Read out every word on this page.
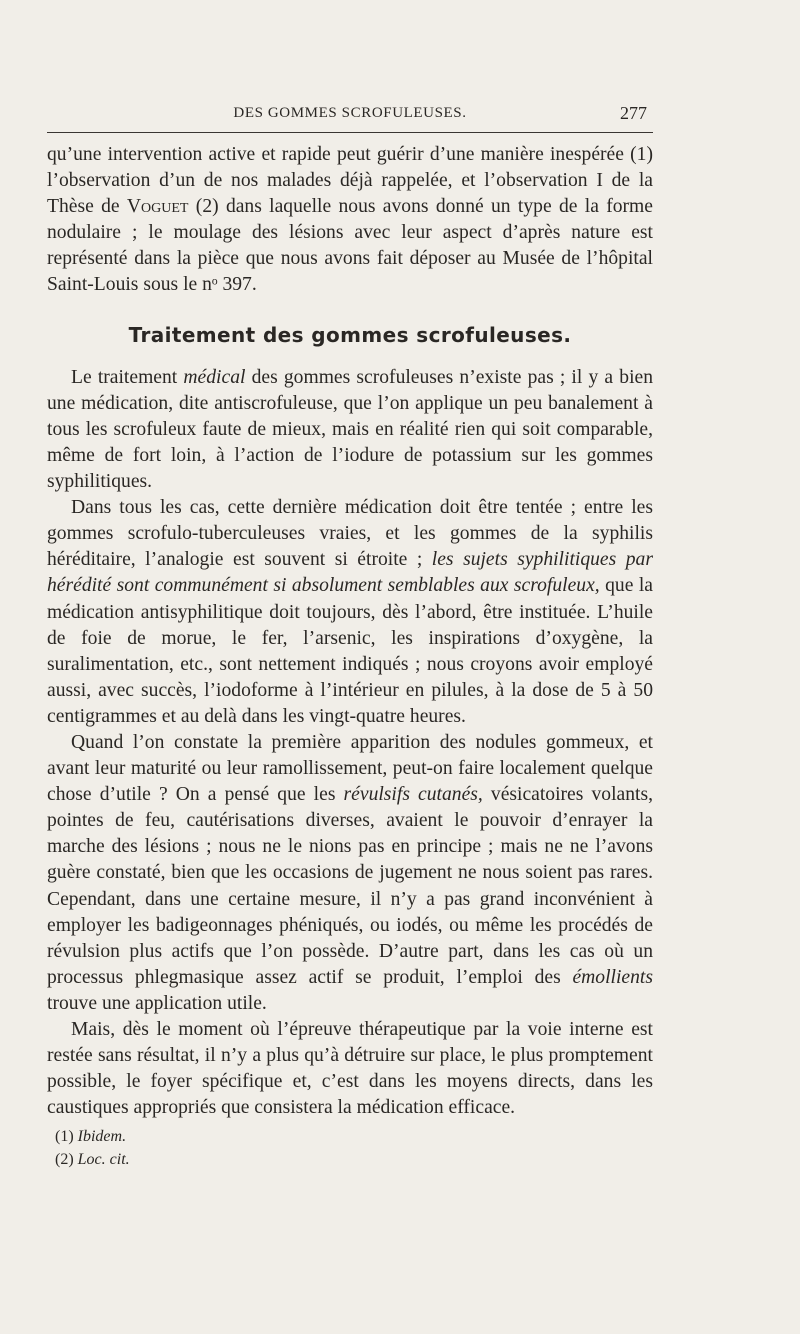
DES GOMMES SCROFULEUSES.	277

qu’une intervention active et rapide peut guérir d’une manière inespérée (1) l’observation d’un de nos malades déjà rappelée, et l’observation I de la Thèse de Voguet (2) dans laquelle nous avons donné un type de la forme nodulaire ; le moulage des lésions avec leur aspect d’après nature est représenté dans la pièce que nous avons fait déposer au Musée de l’hôpital Saint-Louis sous le nᵒ 397.

Traitement des gommes scrofuleuses.

Le traitement médical des gommes scrofuleuses n’existe pas ; il y a bien une médication, dite antiscrofuleuse, que l’on applique un peu banalement à tous les scrofuleux faute de mieux, mais en réalité rien qui soit comparable, même de fort loin, à l’action de l’iodure de potassium sur les gommes syphilitiques.

Dans tous les cas, cette dernière médication doit être tentée ; entre les gommes scrofulo-tuberculeuses vraies, et les gommes de la syphilis héréditaire, l’analogie est souvent si étroite ; les sujets syphilitiques par hérédité sont communément si absolument semblables aux scrofuleux, que la médication antisyphilitique doit toujours, dès l’abord, être instituée. L’huile de foie de morue, le fer, l’arsenic, les inspirations d’oxygène, la suralimentation, etc., sont nettement indiqués ; nous croyons avoir employé aussi, avec succès, l’iodoforme à l’intérieur en pilules, à la dose de 5 à 50 centigrammes et au delà dans les vingt-quatre heures.

Quand l’on constate la première apparition des nodules gommeux, et avant leur maturité ou leur ramollissement, peut-on faire localement quelque chose d’utile ? On a pensé que les révulsifs cutanés, vésicatoires volants, pointes de feu, cautérisations diverses, avaient le pouvoir d’enrayer la marche des lésions ; nous ne le nions pas en principe ; mais ne ne l’avons guère constaté, bien que les occasions de jugement ne nous soient pas rares. Cependant, dans une certaine mesure, il n’y a pas grand inconvénient à employer les badigeonnages phéniqués, ou iodés, ou même les procédés de révulsion plus actifs que l’on possède. D’autre part, dans les cas où un processus phlegmasique assez actif se produit, l’emploi des émollients trouve une application utile.

Mais, dès le moment où l’épreuve thérapeutique par la voie interne est restée sans résultat, il n’y a plus qu’à détruire sur place, le plus promptement possible, le foyer spécifique et, c’est dans les moyens directs, dans les caustiques appropriés que consistera la médication efficace.

(1) Ibidem.
(2) Loc. cit.
